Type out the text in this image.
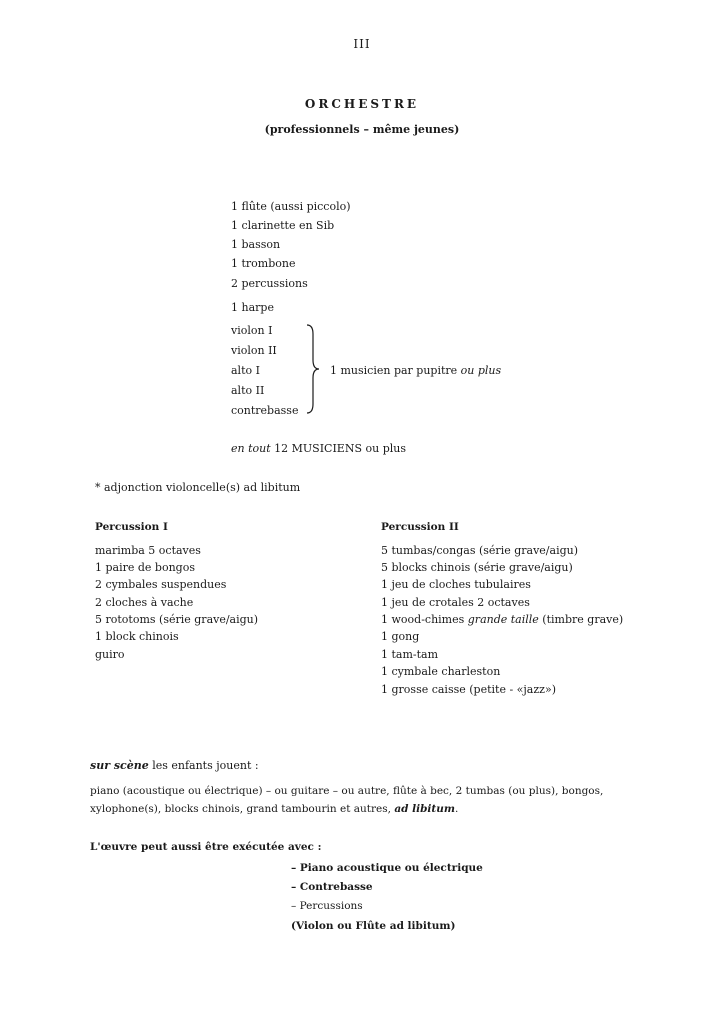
III
ORCHESTRE
(professionnels – même jeunes)
1 flûte (aussi piccolo)
1 clarinette en Sib
1 basson
1 trombone
2 percussions
1 harpe
violon I
violon II
alto I
alto II
contrebasse
1 musicien par pupitre ou plus
en tout 12 MUSICIENS ou plus
* adjonction violoncelle(s) ad libitum
Percussion I
marimba 5 octaves
1 paire de bongos
2 cymbales suspendues
2 cloches à vache
5 rototoms (série grave/aigu)
1 block chinois
guiro
Percussion II
5 tumbas/congas (série grave/aigu)
5 blocks chinois (série grave/aigu)
1 jeu de cloches tubulaires
1 jeu de crotales 2 octaves
1 wood-chimes grande taille (timbre grave)
1 gong
1 tam-tam
1 cymbale charleston
1 grosse caisse (petite - «jazz»)
sur scène les enfants jouent :
piano (acoustique ou électrique) – ou guitare – ou autre, flûte à bec, 2 tumbas (ou plus), bongos,
xylophone(s), blocks chinois, grand tambourin et autres, ad libitum.
L'œuvre peut aussi être exécutée avec :
– Piano acoustique ou électrique
– Contrebasse
– Percussions
(Violon ou Flûte ad libitum)
